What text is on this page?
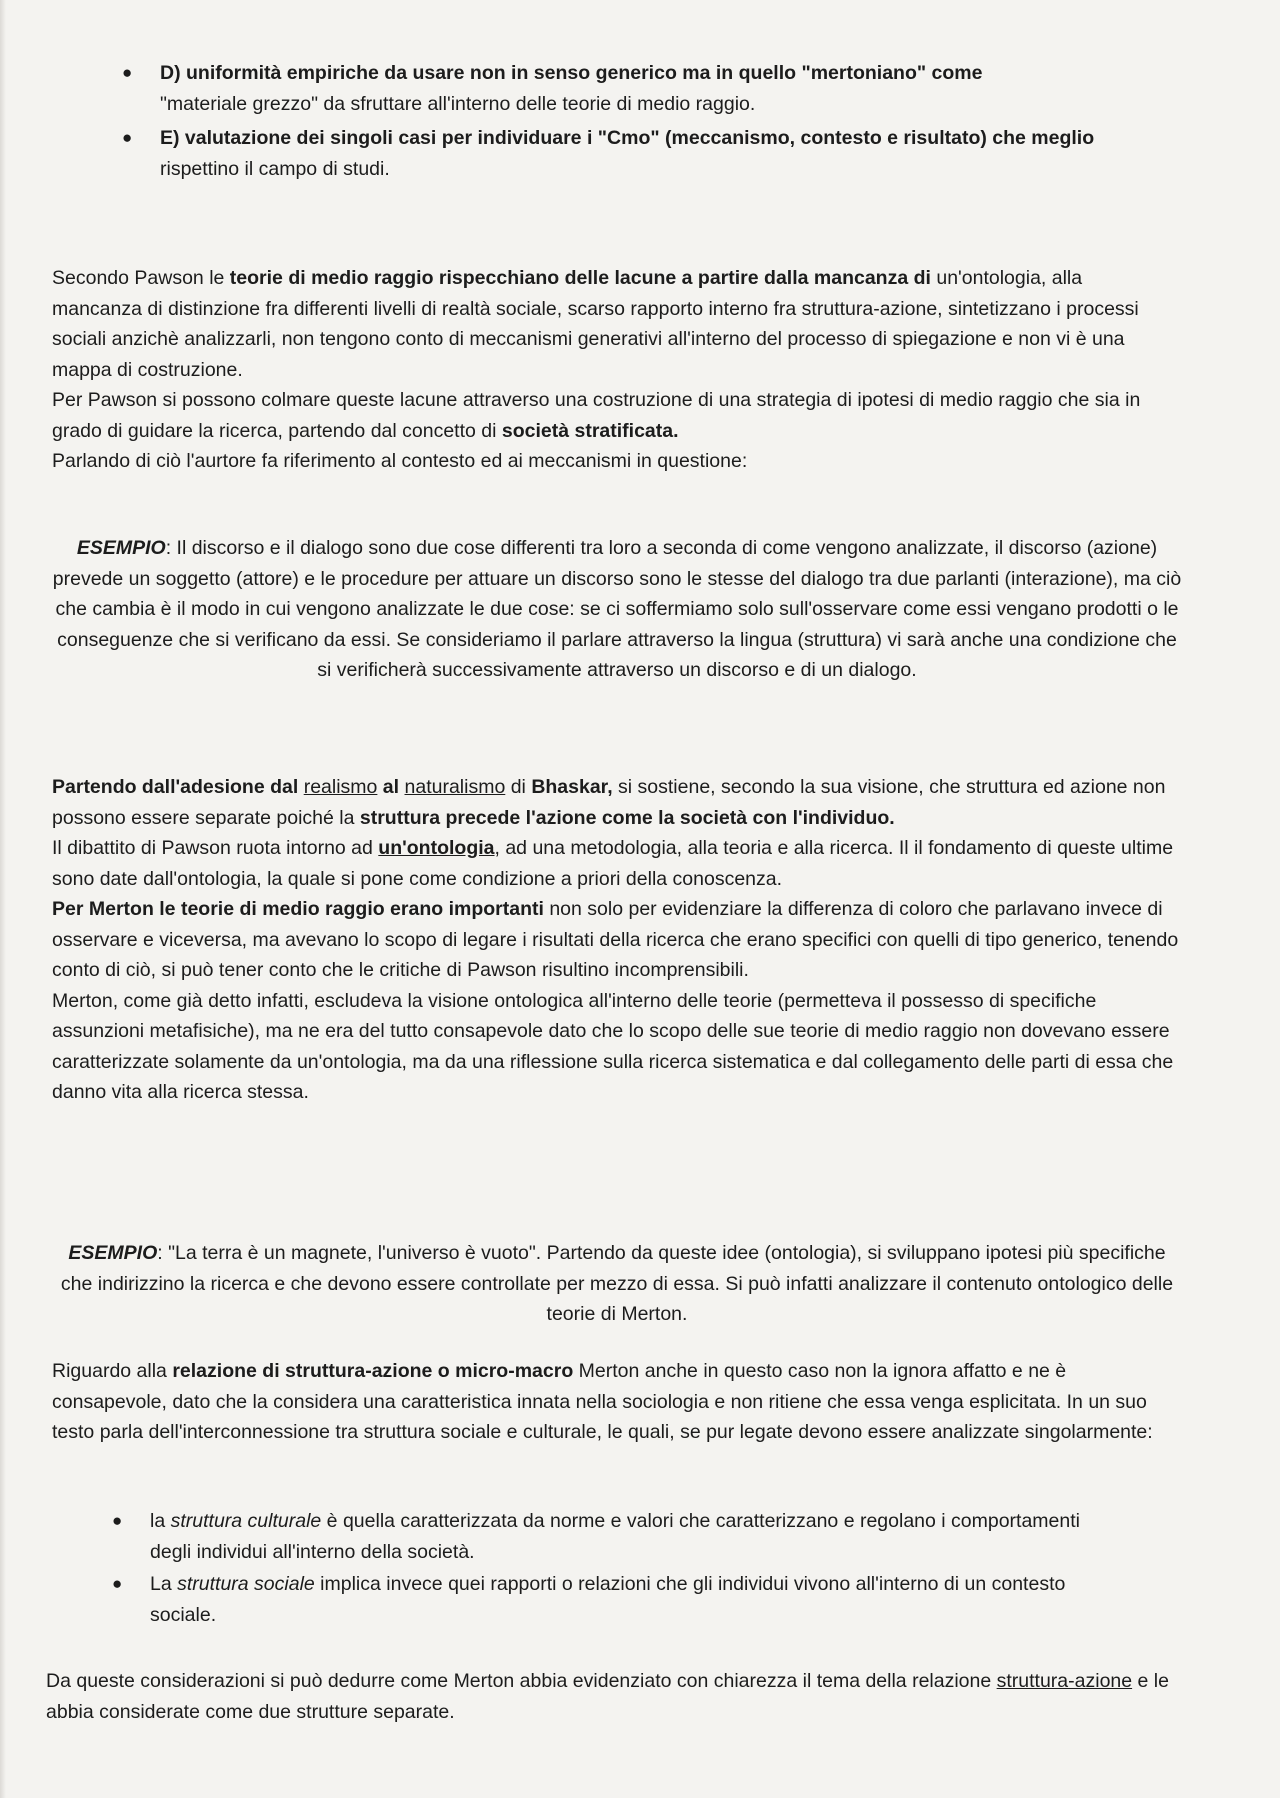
● D) uniformità empiriche da usare non in senso generico ma in quello "mertoniano" come
"materiale grezzo" da sfruttare all'interno delle teorie di medio raggio.
● E) valutazione dei singoli casi per individuare i "Cmo" (meccanismo, contesto e risultato) che meglio
rispettino il campo di studi.

Secondo Pawson le teorie di medio raggio rispecchiano delle lacune a partire dalla mancanza di un'ontologia, alla mancanza di distinzione fra differenti livelli di realtà sociale, scarso rapporto interno fra struttura-azione, sintetizzano i processi sociali anzichè analizzarli, non tengono conto di meccanismi generativi all'interno del processo di spiegazione e non vi è una mappa di costruzione.

Per Pawson si possono colmare queste lacune attraverso una costruzione di una strategia di ipotesi di medio raggio che sia in grado di guidare la ricerca, partendo dal concetto di società stratificata.

Parlando di ciò l'aurtore fa riferimento al contesto ed ai meccanismi in questione:

ESEMPIO: Il discorso e il dialogo sono due cose differenti tra loro a seconda di come vengono analizzate, il discorso (azione) prevede un soggetto (attore) e le procedure per attuare un discorso sono le stesse del dialogo tra due parlanti (interazione), ma ciò che cambia è il modo in cui vengono analizzate le due cose: se ci soffermiamo solo sull'osservare come essi vengano prodotti o le conseguenze che si verificano da essi. Se consideriamo il parlare attraverso la lingua (struttura) vi sarà anche una condizione che si verificherà successivamente attraverso un discorso e di un dialogo.

Partendo dall'adesione dal realismo al naturalismo di Bhaskar, si sostiene, secondo la sua visione, che struttura ed azione non possono essere separate poiché la struttura precede l'azione come la società con l'individuo.

Il dibattito di Pawson ruota intorno ad un'ontologia, ad una metodologia, alla teoria e alla ricerca. Il il fondamento di queste ultime sono date dall'ontologia, la quale si pone come condizione a priori della conoscenza.

Per Merton le teorie di medio raggio erano importanti non solo per evidenziare la differenza di coloro che parlavano invece di osservare e viceversa, ma avevano lo scopo di legare i risultati della ricerca che erano specifici con quelli di tipo generico, tenendo conto di ciò, si può tener conto che le critiche di Pawson risultino incomprensibili.

Merton, come già detto infatti, escludeva la visione ontologica all'interno delle teorie (permetteva il possesso di specifiche assunzioni metafisiche), ma ne era del tutto consapevole dato che lo scopo delle sue teorie di medio raggio non dovevano essere caratterizzate solamente da un'ontologia, ma da una riflessione sulla ricerca sistematica e dal collegamento delle parti di essa che danno vita alla ricerca stessa.

ESEMPIO: "La terra è un magnete, l'universo è vuoto". Partendo da queste idee (ontologia), si sviluppano ipotesi più specifiche che indirizzino la ricerca e che devono essere controllate per mezzo di essa. Si può infatti analizzare il contenuto ontologico delle teorie di Merton.
Riguardo alla relazione di struttura-azione o micro-macro Merton anche in questo caso non la ignora affatto e ne è consapevole, dato che la considera una caratteristica innata nella sociologia e non ritiene che essa venga esplicitata. In un suo testo parla dell'interconnessione tra struttura sociale e culturale, le quali, se pur legate devono essere analizzate singolarmente:
● la struttura culturale è quella caratterizzata da norme e valori che caratterizzano e regolano i comportamenti degli individui all'interno della società.
● La struttura sociale implica invece quei rapporti o relazioni che gli individui vivono all'interno di un contesto sociale.
Da queste considerazioni si può dedurre come Merton abbia evidenziato con chiarezza il tema della relazione struttura-azione e le abbia considerate come due strutture separate.
